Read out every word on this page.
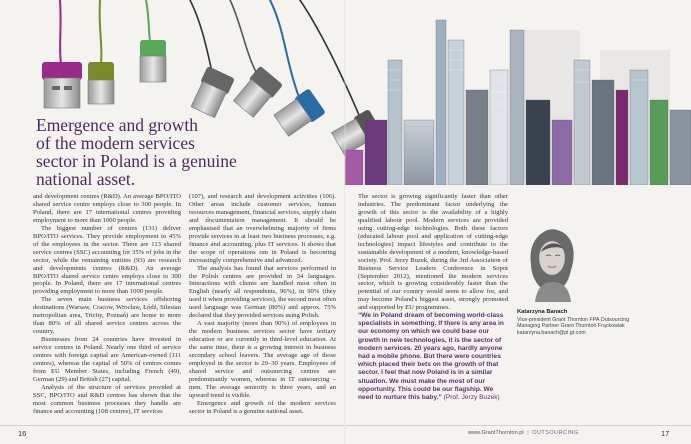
Emergence and growth
of the modern services
sector in Poland is a genuine
national asset.

and development centres (R&D). An average BPO/ITO shared service centre employs close to 300 people. In Poland, there are 17 international centres providing employment to more than 1000 people.

The biggest number of centres (131) deliver BPO/ITO services. They provide employment to 45% of the employees in the sector. There are 113 shared service centres (SSC) accounting for 35% of jobs in the sector, while the remaining entities (93) are research and developments centres (R&D). An average BPO/ITO shared service centre employs close to 300 people. In Poland, there are 17 international centres providing employment to more than 1000 people.

The seven main business services offshoring destinations (Warsaw, Cracow, Wrocław, Łódź, Silesian metropolitan area, Tricity, Poznań) are home to more than 80% of all shared service centres across the country.

Businesses from 24 countries have invested in service centres in Poland. Nearly one third of service centres with foreign capital are American-owned (111 centres), whereas the capital of 50% of centres comes from EU Member States, including French (49), German (29) and British (27) capital.

Analysis of the structure of services provided at SSC, BPO/ITO and R&D centres has shown that the most common business processes they handle are finance and accounting (108 centres), IT services

(107), and research and development activities (106). Other areas include customer services, human resources management, financial services, supply chain and documentation management. It should be emphasised that an overwhelming majority of firms provide services in at least two business processes, e.g. finance and accounting, plus IT services. It shows that the scope of operations run in Poland is becoming increasingly comprehensive and advanced.

The analysis has found that services performed in the Polish centres are provided in 34 languages. Interactions with clients are handled most often in English (nearly all respondents, 96%), in 90% (they used it when providing services), the second most often used language was German (80%) and approx. 75% declared that they provided services using Polish.

A vast majority (more than 90%) of employees in the modern business services sector have tertiary education or are currently in third-level education. At the same time, there is a growing interest in business secondary school leavers. The average age of those employed in the sector is 29–30 years. Employees of shared service and outsourcing centres are predominantly women, whereas in IT outsourcing – men. The average seniority is three years, and an upward trend is visible.

Emergence and growth of the modern services sector in Poland is a genuine national asset.

The sector is growing significantly faster than other industries. The predominant factor underlying the growth of this sector is the availability of a highly qualified labour pool. Modern services are provided using cutting-edge technologies. Both these factors (educated labour pool and application of cutting-edge technologies) impact lifestyles and contribute to the sustainable development of a modern, knowledge-based society. Prof. Jerzy Buzek, during the 3rd Association of Business Service Leaders Conference in Sopot (September 2012), mentioned the modern services sector, which is growing considerably faster than the potential of our country would seem to allow for, and may become Poland's biggest asset, strongly promoted and supported by EU programmes.

“We in Poland dream of becoming world-class specialists in something. If there is any area in our economy on which we could base our growth in new technologies, it is the sector of modern services. 20 years ago, hardly anyone had a mobile phone. But there were countries which placed their bets on the growth of that sector. I feel that now Poland is in a similar situation. We must make the most of our opportunity. This could be our flagship. We need to nurture this baby.” (Prof. Jerzy Buzek)
Katarzyna Banach
Vice-president Grant Thornton FPA Outsourcing
Managing Partner Grant Thornton Frąckowiak
katarzyna.banach@pl.gt.com
16	17
www.GrantThornton.pl | OUTSOURCING
